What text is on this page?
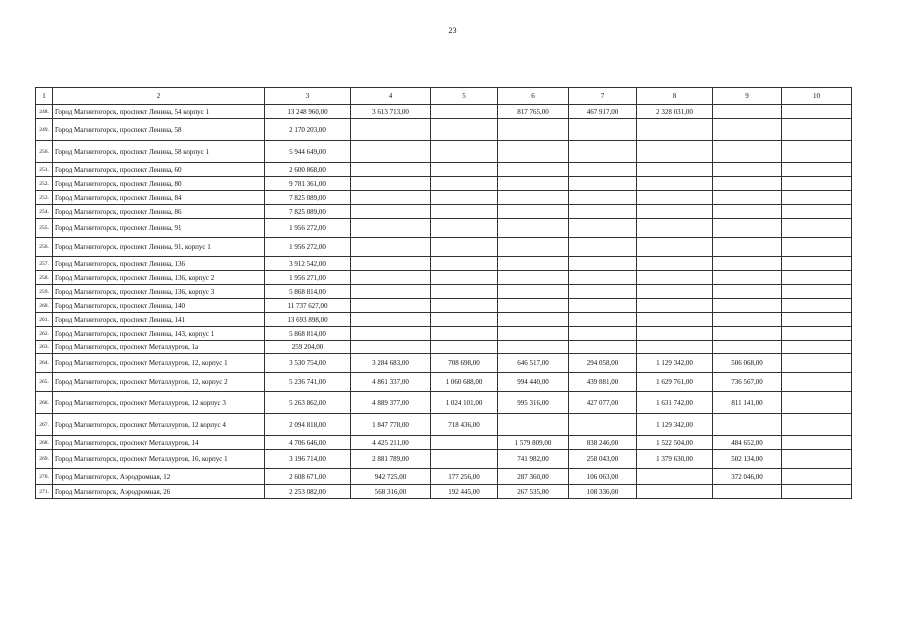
23
1	2	3	4	5	6	7	8	9	10
248.	Город Магнитогорск, проспект Ленина, 54 корпус 1	13 248 960,00	3 613 713,00		817 765,00	467 917,00	2 328 031,00		
249.	Город Магнитогорск, проспект Ленина, 58	2 170 203,00							
250.	Город Магнитогорск, проспект Ленина, 58 корпус 1	5 944 649,00							
251.	Город Магнитогорск, проспект Ленина, 60	2 600 868,00							
252.	Город Магнитогорск, проспект Ленина, 80	9 781 361,00							
253.	Город Магнитогорск, проспект Ленина, 84	7 825 089,00							
254.	Город Магнитогорск, проспект Ленина, 86	7 825 089,00							
255.	Город Магнитогорск, проспект Ленина, 91	1 956 272,00							
256.	Город Магнитогорск, проспект Ленина, 91, корпус 1	1 956 272,00							
257.	Город Магнитогорск, проспект Ленина, 136	3 912 542,00							
258.	Город Магнитогорск, проспект Ленина, 136, корпус 2	1 956 271,00							
259.	Город Магнитогорск, проспект Ленина, 136, корпус 3	5 868 814,00							
260.	Город Магнитогорск, проспект Ленина, 140	11 737 627,00							
261.	Город Магнитогорск, проспект Ленина, 141	13 693 898,00							
262.	Город Магнитогорск, проспект Ленина, 143, корпус 1	5 868 814,00							
263.	Город Магнитогорск, проспект Металлургов, 1а	259 204,00							
264.	Город Магнитогорск, проспект Металлургов, 12, корпус 1	3 530 754,00	3 284 683,00	708 698,00	646 517,00	294 058,00	1 129 342,00	506 068,00	
265.	Город Магнитогорск, проспект Металлургов, 12, корпус 2	5 236 741,00	4 861 337,00	1 060 688,00	994 440,00	439 881,00	1 629 761,00	736 567,00	
266.	Город Магнитогорск, проспект Металлургов, 12 корпус 3	5 263 862,00	4 889 377,00	1 024 101,00	995 316,00	427 077,00	1 631 742,00	811 141,00	
267.	Город Магнитогорск, проспект Металлургов, 12 корпус 4	2 094 818,00	1 847 778,00	718 436,00			1 129 342,00		
268.	Город Магнитогорск, проспект Металлургов, 14	4 706 646,00	4 425 211,00		1 579 809,00	838 246,00	1 522 504,00	484 652,00	
269.	Город Магнитогорск, проспект Металлургов, 16, корпус 1	3 196 714,00	2 881 789,00		741 982,00	258 043,00	1 379 630,00	502 134,00	
270.	Город Магнитогорск, Аэродромная, 12	2 608 671,00	942 725,00	177 256,00	287 360,00	106 063,00		372 046,00	
271.	Город Магнитогорск, Аэродромная, 26	2 253 082,00	568 316,00	192 445,00	267 535,00	108 336,00			
